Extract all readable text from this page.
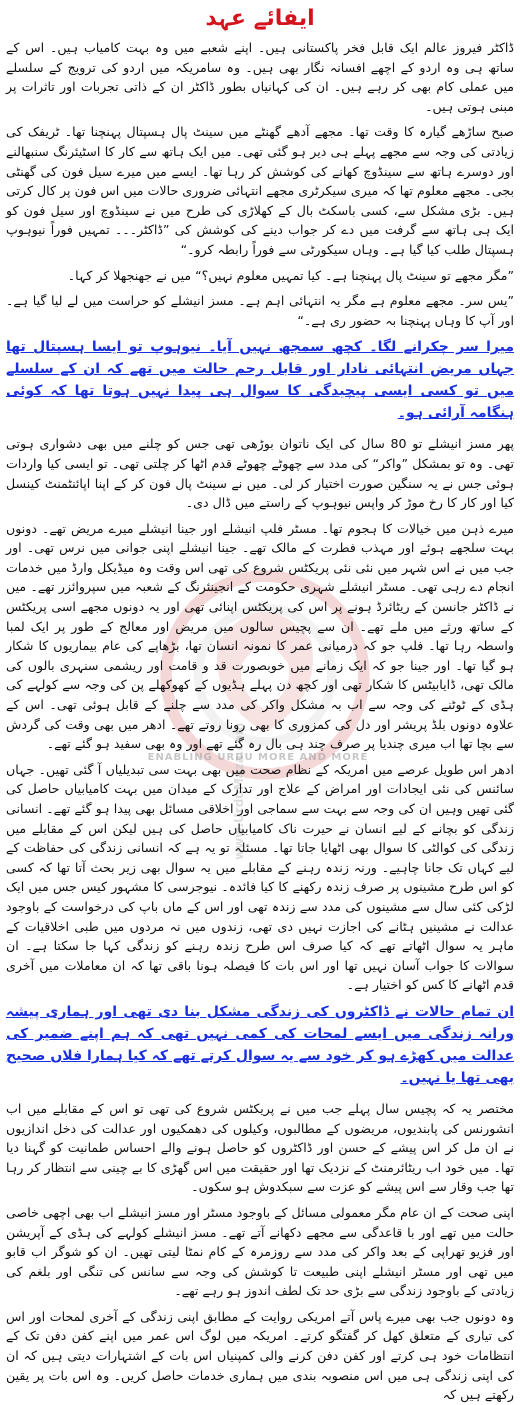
ایفائے عہد
www.UrduMaza.com
ENABLING URDU MORE AND MORE

ڈاکٹر فیروز عالم ایک قابل فخر پاکستانی ہیں۔ اپنے شعبے میں وہ بہت کامیاب ہیں۔ اس کے ساتھ ہی وہ اردو کے اچھے افسانہ نگار بھی ہیں۔ وہ سامریکہ میں اردو کی ترویج کے سلسلے میں عملی کام بھی کر رہے ہیں۔ ان کی کہانیاں بطور ڈاکٹر ان کے ذاتی تجربات اور تاثرات پر مبنی ہوتی ہیں۔

صبح ساڑھے گیارہ کا وقت تھا۔ مجھے آدھے گھنٹے میں سینٹ پال ہسپتال پہنچنا تھا۔ ٹریفک کی زیادتی کی وجہ سے مجھے پہلے ہی دیر ہو گئی تھی۔ میں ایک ہاتھ سے کار کا اسٹیئرنگ سنبھالنے اور دوسرے ہاتھ سے سینڈوچ کھانے کی کوشش کر رہا تھا۔ ایسے میں میرے سیل فون کی گھنٹی بجی۔ مجھے معلوم تھا کہ میری سیکرٹری مجھے انتہائی ضروری حالات میں اس فون پر کال کرتی ہیں۔ بڑی مشکل سے، کسی باسکٹ بال کے کھلاڑی کی طرح میں نے سینڈوچ اور سیل فون کو ایک ہی ہاتھ سے گرفت میں دے کر جواب دینے کی کوشش کی ”ڈاکٹر۔۔۔ تمہیں فوراً نیوہوپ ہسپتال طلب کیا گیا ہے۔ وہاں سیکورٹی سے فوراً رابطہ کرو۔“

”مگر مجھے تو سینٹ پال پہنچنا ہے۔ کیا تمہیں معلوم نہیں؟“ میں نے جھنجھلا کر کہا۔

”یس سر۔ مجھے معلوم ہے مگر یہ انتہائی اہم ہے۔ مسز انیشلے کو حراست میں لے لیا گیا ہے۔ اور آپ کا وہاں پہنچنا بہ حضور ری ہے۔“

میرا سر چکرانے لگا۔ کچھ سمجھ نہیں آیا۔ نیوہوپ تو ایسا ہسپتال تھا جہاں مریض انتہائی نادار اور قابل رحم حالت میں تھے کہ ان کے سلسلے میں تو کسی ایسی پیچیدگی کا سوال ہی پیدا نہیں ہوتا تھا کہ کوئی ہنگامہ آرائی ہو۔

پھر مسز انیشلے تو 80 سال کی ایک ناتوان بوڑھی تھی جس کو چلنے میں بھی دشواری ہوتی تھی۔ وہ تو بمشکل ”واکر“ کی مدد سے چھوٹے چھوٹے قدم اٹھا کر چلتی تھی۔ تو ایسی کیا واردات ہوئی جس نے یہ سنگین صورت اختیار کر لی۔ میں نے سینٹ پال فون کر کے اپنا اپائنٹمنٹ کینسل کیا اور کار کا رخ موڑ کر واپس نیوہوپ کے راستے میں ڈال دی۔

میرے ذہن میں خیالات کا ہجوم تھا۔ مسٹر فلپ انیشلے اور جینا انیشلے میرے مریض تھے۔ دونوں بہت سلجھے ہوئے اور مہذب فطرت کے مالک تھے۔ جینا انیشلے اپنی جوانی میں نرس تھی۔ اور جب میں نے اس شہر میں نئی نئی پریکٹس شروع کی تھی اس وقت وہ میڈیکل وارڈ میں خدمات انجام دے رہی تھی۔ مسٹر انیشلے شہری حکومت کے انجینئرنگ کے شعبہ میں سپروائزر تھے۔ میں نے ڈاکٹر جانسن کے ریٹائرڈ ہونے پر اس کی پریکٹس اپنائی تھی اور یہ دونوں مجھے اسی پریکٹس کے ساتھ ورثے میں ملے تھے۔ ان سے پچیس سالوں میں مریض اور معالج کے طور پر ایک لمبا واسطہ رہا تھا۔ فلپ جو کہ درمیانی عمر کا نمونہ انسان تھا، بڑھاپے کی عام بیماریوں کا شکار ہو گیا تھا۔ اور جینا جو کہ ایک زمانے میں خوبصورت قد و قامت اور ریشمی سنہری بالوں کی مالک تھی، ڈایابیٹس کا شکار تھی اور کچھ دن پہلے ہڈیوں کے کھوکھلے پن کی وجہ سے کولہے کی ہڈی کے ٹوٹنے کی وجہ سے اب بہ مشکل واکر کی مدد سے چلنے کے قابل ہوئی تھی۔ اس کے علاوہ دونوں بلڈ پریشر اور دل کی کمزوری کا بھی رونا روتے تھے۔ ادھر میں بھی وقت کی گردش سے بچا تھا اب میری چندیا پر صرف چند ہی بال رہ گئے تھے اور وہ بھی سفید ہو گئے تھے۔

ادھر اس طویل عرصے میں امریکہ کے نظام صحت میں بھی بہت سی تبدیلیاں آ گئی تھیں۔ جہاں سائنس کی نئی ایجادات اور امراض کے علاج اور تدارک کے میدان میں بہت کامیابیاں حاصل کی گئی تھیں وہیں ان کی وجہ سے بہت سے سماجی اور اخلاقی مسائل بھی پیدا ہو گئے تھے۔ انسانی زندگی کو بچانے کے لیے انسان نے حیرت ناک کامیابیاں حاصل کی ہیں لیکن اس کے مقابلے میں زندگی کی کوالٹی کا سوال بھی اٹھایا جاتا تھا۔ مسئلہ تو یہ ہے کہ انسانی زندگی کی حفاظت کے لیے کہاں تک جانا چاہیے۔ ورنہ زندہ رہنے کے مقابلے میں یہ سوال بھی زیر بحث آتا تھا کہ کسی کو اس طرح مشینوں پر صرف زندہ رکھنے کا کیا فائدہ۔ نیوجرسی کا مشہور کیس جس میں ایک لڑکی کئی سال سے مشینوں کی مدد سے زندہ تھی اور اس کے ماں باپ کی درخواست کے باوجود عدالت نے مشینیں ہٹانے کی اجازت نہیں دی تھی، زندوں میں نہ مردوں میں طبی اخلاقیات کے ماہر یہ سوال اٹھاتے تھے کہ کیا صرف اس طرح زندہ رہنے کو زندگی کہا جا سکتا ہے۔ ان سوالات کا جواب آسان نہیں تھا اور اس بات کا فیصلہ ہونا باقی تھا کہ ان معاملات میں آخری قدم اٹھانے کا کس کو اختیار ہے۔

ان تمام حالات نے ڈاکٹروں کی زندگی مشکل بنا دی تھی اور ہماری پیشہ ورانہ زندگی میں ایسے لمحات کی کمی نہیں تھی کہ ہم اپنے ضمیر کی عدالت میں کھڑے ہو کر خود سے یہ سوال کرتے تھے کہ کیا ہمارا فلاں صحیح بھی تھا یا نہیں۔

مختصر یہ کہ پچیس سال پہلے جب میں نے پریکٹس شروع کی تھی تو اس کے مقابلے میں اب انشورنس کی پابندیوں، مریضوں کے مطالبوں، وکیلوں کی دھمکیوں اور عدالت کی دخل اندازیوں نے ان مل کر اس پیشے کے حسن اور ڈاکٹروں کو حاصل ہونے والے احساس طمانیت کو گہنا دیا تھا۔ میں خود اب ریٹائرمنٹ کے نزدیک تھا اور حقیقت میں اس گھڑی کا بے چینی سے انتظار کر رہا تھا جب وقار سے اس پیشے کو عزت سے سبکدوش ہو سکوں۔

اپنی صحت کے ان عام مگر معمولی مسائل کے باوجود مسٹر اور مسز انیشلے اب بھی اچھی خاصی حالت میں تھے اور با قاعدگی سے مجھے دکھانے آتے تھے۔ مسز انیشلے کولہے کی ہڈی کے آپریشن اور فزیو تھراپی کے بعد واکر کی مدد سے روزمرہ کے کام نمٹا لیتی تھیں۔ ان کو شوگر اب قابو میں تھی اور مسٹر انیشلے اپنی طبیعت تا کوشش کی وجہ سے سانس کی تنگی اور بلغم کی زیادتی کے باوجود زندگی سے بڑی حد تک لطف اندوز ہو رہے تھے۔

وہ دونوں جب بھی میرے پاس آتے امریکی روایت کے مطابق اپنی زندگی کے آخری لمحات اور اس کی تیاری کے متعلق کھل کر گفتگو کرتے۔ امریکہ میں لوگ اس عمر میں اپنے کفن دفن تک کے انتظامات خود ہی کرتے اور کفن دفن کرنے والی کمپنیاں اس بات کے اشتہارات دیتی ہیں کہ ان کی اپنی زندگی ہی میں اس منصوبہ بندی میں ہماری خدمات حاصل کریں۔ وہ اس بات پر یقین رکھتے ہیں کہ
